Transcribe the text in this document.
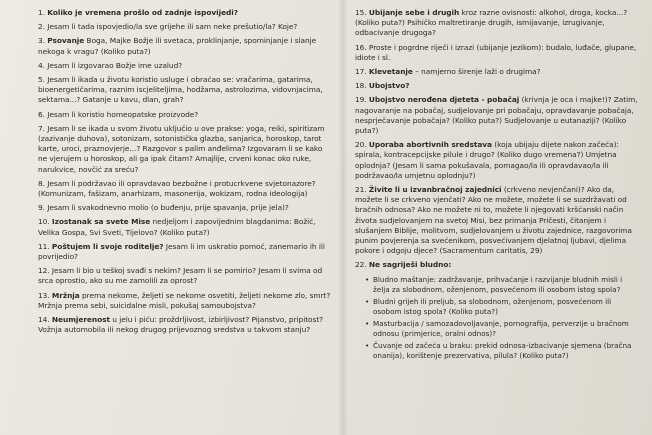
1. Koliko je vremena prošlo od zadnje ispovijedi?

2. Jesam li tada ispovjedio/la sve grijehe ili sam neke prešutio/la? Koje?

3. Psovanje Boga, Majke Božje ili svetaca, proklinjanje, spominjanje i slanje nekoga k vragu? (Koliko puta?)

4. Jesam li izgovarao Božje ime uzalud?

5. Jesam li ikada u životu koristio usluge i obraćao se: vračarima, gatarima, bioenergetičarima, raznim iscjeliteljima, hodžama, astrolozima, vidovnjacima, sektama...? Gatanje u kavu, dlan, grah?

6. Jesam li koristio homeopatske proizvode?

7. Jesam li se ikada u svom životu uključio u ove prakse: yoga, reiki, spiritizam (zazivanje duhova), sotonizam, sotonistička glazba, sanjarica, horoskop, tarot karte, uroci, praznovjerje...? Razgovor s palim anđelima? Izgovaram li se kako ne vjerujem u horoskop, ali ga ipak čitam? Amajlije, crveni konac oko ruke, narukvice, novčić za sreću?

8. Jesam li podržavao ili opravdavao bezbožne i protucrkvene svjetonazore? (Komunizam, fašizam, anarhizam, masonerija, wokizam, rodna ideologija)

9. Jesam li svakodnevno molio (o buđenju, prije spavanja, prije jela)?

10. Izostanak sa svete Mise nedjeljom i zapovijednim blagdanima: Božić, Velika Gospa, Svi Sveti, Tijelovo? (Koliko puta?)

11. Poštujem li svoje roditelje? Jesam li im uskratio pomoć, zanemario ih ili povrijedio?

12. Jesam li bio u teškoj svađi s nekim? Jesam li se pomirio? Jesam li svima od srca oprostio, ako su me zamolili za oprost?

13. Mržnja prema nekome, želјeti se nekome osvetiti, željeti nekome zlo, smrt? Mržnja prema sebi, suicidalne misli, pokušaj samoubojstva?

14. Neumjerenost u jelu i piću: proždrljivost, izbirljivost? Pijanstvo, pripitost? Vožnja automobila ili nekog drugog prijevoznog sredstva u takvom stanju?

15. Ubijanje sebe i drugih kroz razne ovisnosti: alkohol, droga, kocka...? (Koliko puta?) Psihičko maltretiranje drugih, ismijavanje, izrugivanje, odbacivanje drugoga?

16. Proste i pogrdne riječi i izrazi (ubijanje jezikom): budalo, luđače, glupane, idiote i sl.

17. Klevetanje – namjerno širenje laži o drugima?

18. Ubojstvo?

19. Ubojstvo nerođena djeteta - pobačaj (krivnja je oca i majke!)? Zatim, nagovaranje na pobačaj, sudjelovanje pri pobačaju, opravdavanje pobačaja, nesprječavanje pobačaja? (Koliko puta?) Sudjelovanje u eutanaziji? (Koliko puta?)

20. Uporaba abortivnih sredstava (koja ubijaju dijete nakon začeća): spirala, kontracepcijske pilule i drugo? (Koliko dugo vremena?) Umjetna oplodnja? (Jesam li sama pokušavala, pomagao/la ili opravdavao/la ili podržavao/la umjetnu oplodnju?)

21. Živite li u izvanbračnoj zajednici (crkveno nevjenčani)? Ako da, možete li se crkveno vjenčati? Ako ne možete, možete li se suzdržavati od bračnih odnosa? Ako ne možete ni to, možete li njegovati kršćanski način života sudjelovanjem na svetoj Misi, bez primanja Pričesti, čitanjem i slušanjem Biblije, molitvom, sudjelovanjem u životu zajednice, razgovorima punim povjerenja sa svećenikom, posvećivanjem djelatnoj ljubavi, djelima pokore i odgoju djece? (Sacramentum caritatis, 29)

22. Ne sagriješi bludno:

• Bludno maštanje: zadržavanje, prihvaćanje i razvijanje bludnih misli i želja za slobodnom, oženjenom, posvećenom ili osobom istog spola?
• Bludni grijeh ili preljub, sa slobodnom, oženjenom, posvećenom ili osobom istog spola? (Koliko puta?)
• Masturbacija / samozadovoljavanje, pornografija, perverzije u bračnom odnosu (primjerice, oralni odnos)?
• Čuvanje od začeća u braku: prekid odnosa-izbacivanje sjemena (bračna onanija), korištenje prezervativa, pilula? (Koliko puta?)
